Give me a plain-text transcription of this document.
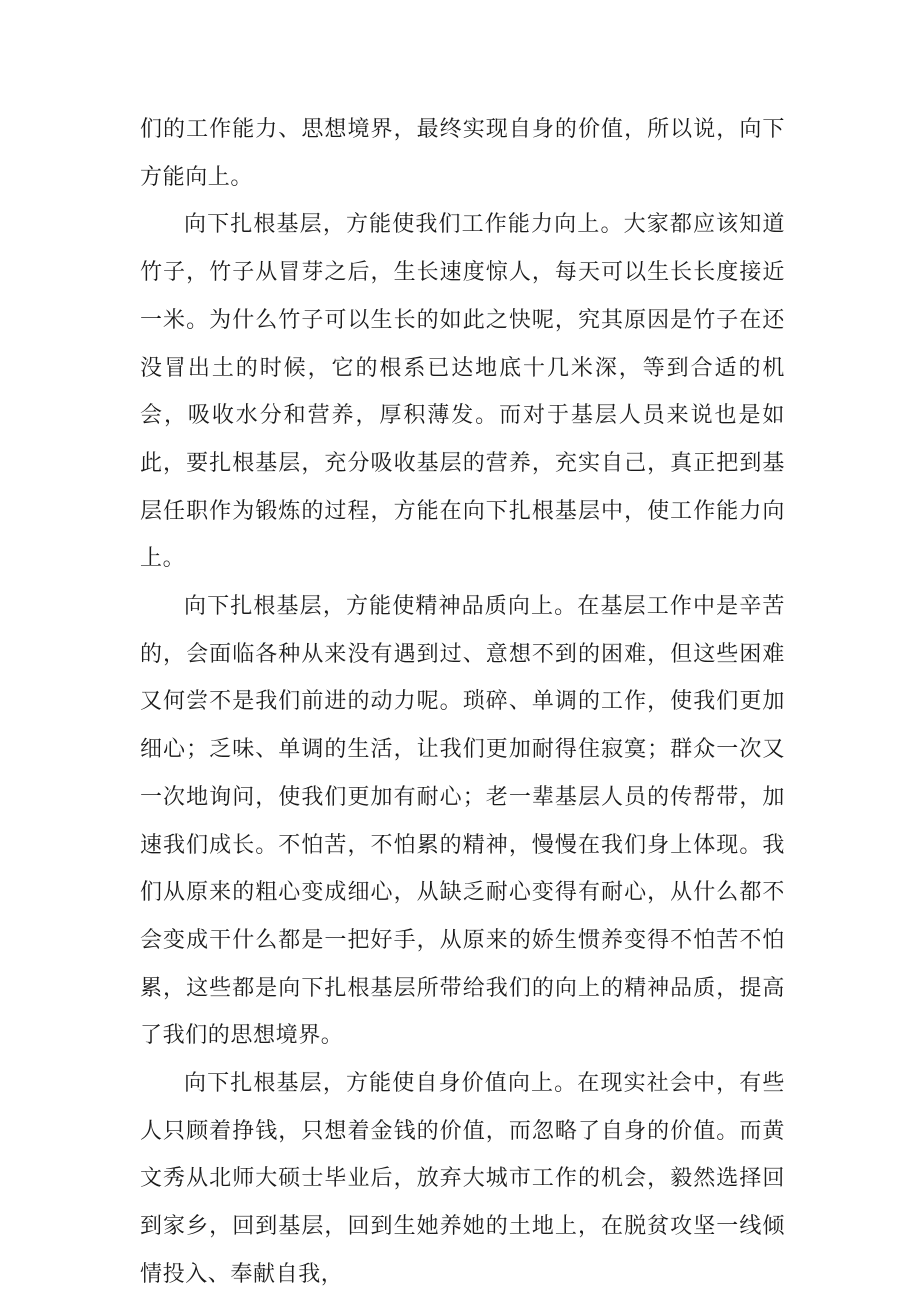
们的工作能力、思想境界，最终实现自身的价值，所以说，向下方能向上。

向下扎根基层，方能使我们工作能力向上。大家都应该知道竹子，竹子从冒芽之后，生长速度惊人，每天可以生长长度接近一米。为什么竹子可以生长的如此之快呢，究其原因是竹子在还没冒出土的时候，它的根系已达地底十几米深，等到合适的机会，吸收水分和营养，厚积薄发。而对于基层人员来说也是如此，要扎根基层，充分吸收基层的营养，充实自己，真正把到基层任职作为锻炼的过程，方能在向下扎根基层中，使工作能力向上。

向下扎根基层，方能使精神品质向上。在基层工作中是辛苦的，会面临各种从来没有遇到过、意想不到的困难，但这些困难又何尝不是我们前进的动力呢。琐碎、单调的工作，使我们更加细心；乏味、单调的生活，让我们更加耐得住寂寞；群众一次又一次地询问，使我们更加有耐心；老一辈基层人员的传帮带，加速我们成长。不怕苦，不怕累的精神，慢慢在我们身上体现。我们从原来的粗心变成细心，从缺乏耐心变得有耐心，从什么都不会变成干什么都是一把好手，从原来的娇生惯养变得不怕苦不怕累，这些都是向下扎根基层所带给我们的向上的精神品质，提高了我们的思想境界。

向下扎根基层，方能使自身价值向上。在现实社会中，有些人只顾着挣钱，只想着金钱的价值，而忽略了自身的价值。而黄文秀从北师大硕士毕业后，放弃大城市工作的机会，毅然选择回到家乡，回到基层，回到生她养她的土地上，在脱贫攻坚一线倾情投入、奉献自我，
